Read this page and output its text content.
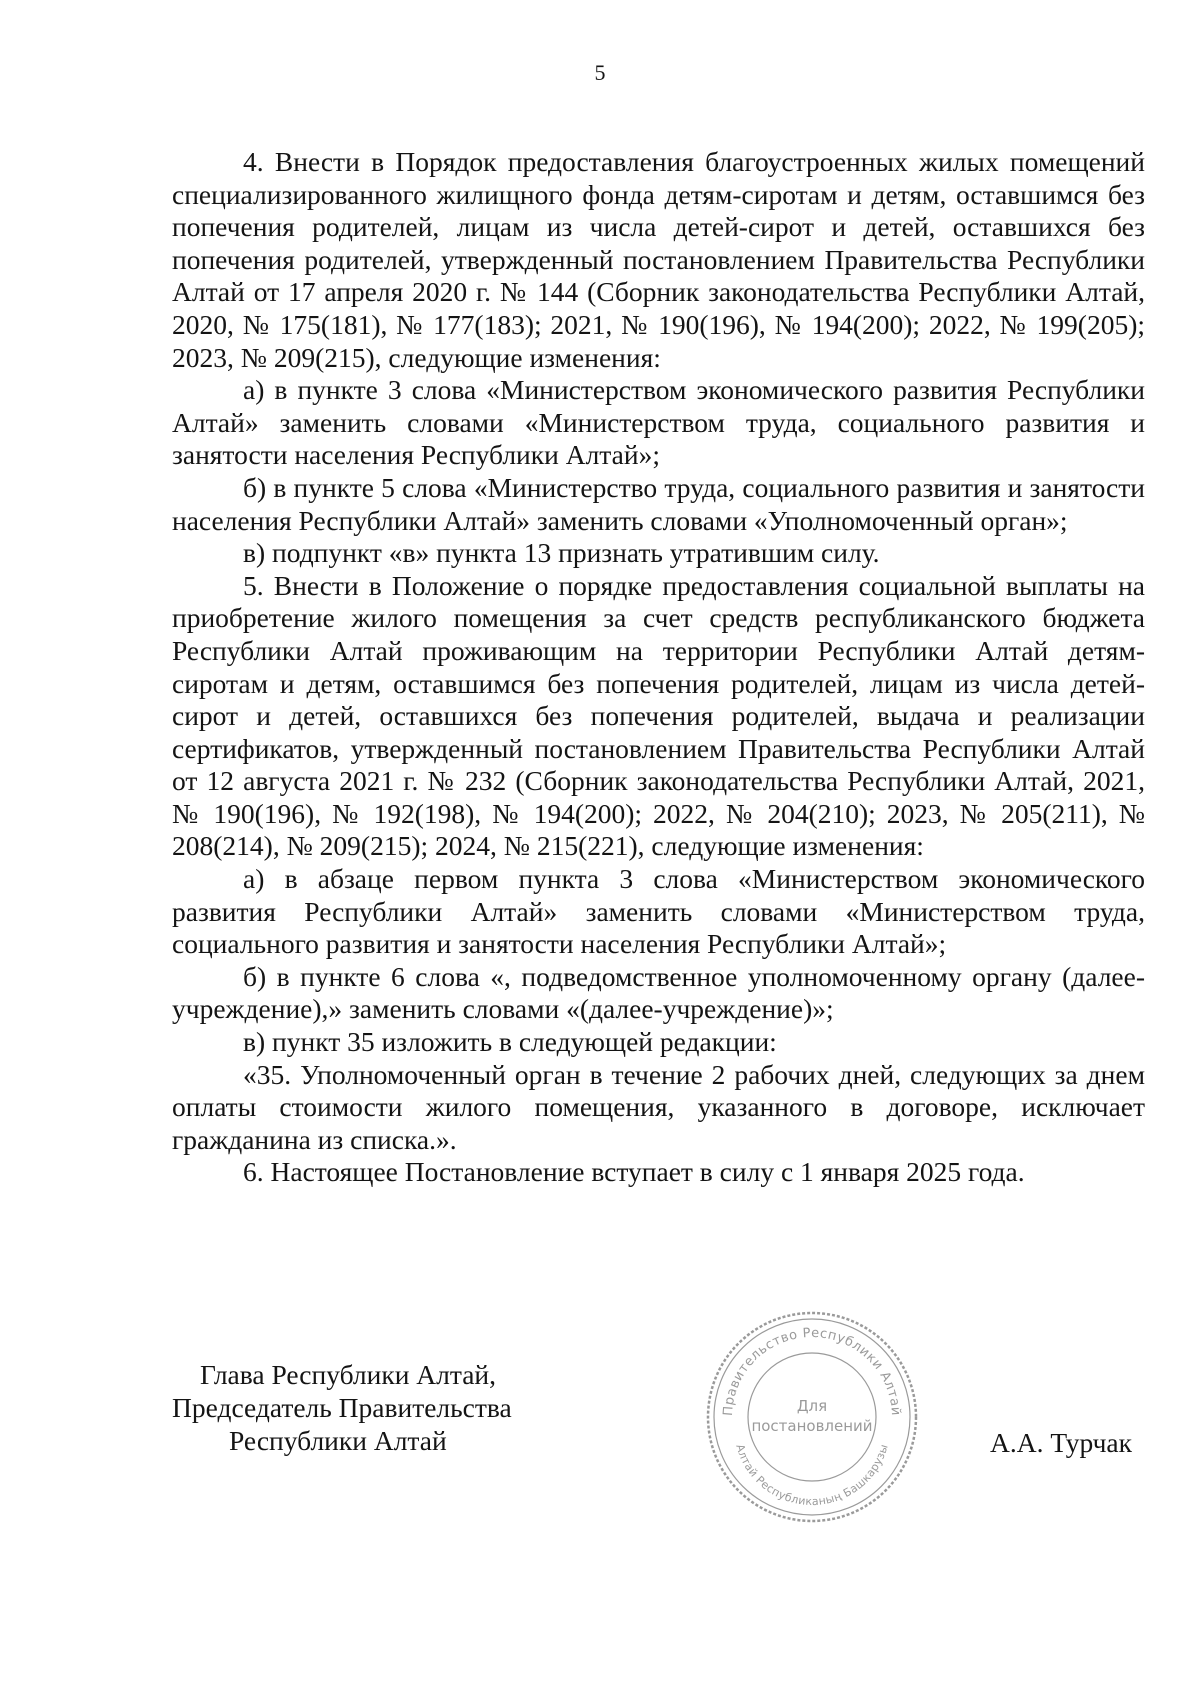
5

4. Внести в Порядок предоставления благоустроенных жилых помещений специализированного жилищного фонда детям-сиротам и детям, оставшимся без попечения родителей, лицам из числа детей-сирот и детей, оставшихся без попечения родителей, утвержденный постановлением Правительства Республики Алтай от 17 апреля 2020 г. № 144 (Сборник законодательства Республики Алтай, 2020, № 175(181), № 177(183); 2021, № 190(196), № 194(200); 2022, № 199(205); 2023, № 209(215), следующие изменения:

а) в пункте 3 слова «Министерством экономического развития Республики Алтай» заменить словами «Министерством труда, социального развития и занятости населения Республики Алтай»;

б) в пункте 5 слова «Министерство труда, социального развития и занятости населения Республики Алтай» заменить словами «Уполномоченный орган»;

в) подпункт «в» пункта 13 признать утратившим силу.

5. Внести в Положение о порядке предоставления социальной выплаты на приобретение жилого помещения за счет средств республиканского бюджета Республики Алтай проживающим на территории Республики Алтай детям-сиротам и детям, оставшимся без попечения родителей, лицам из числа детей-сирот и детей, оставшихся без попечения родителей, выдача и реализации сертификатов, утвержденный постановлением Правительства Республики Алтай от 12 августа 2021 г. № 232 (Сборник законодательства Республики Алтай, 2021, № 190(196), № 192(198), № 194(200); 2022, № 204(210); 2023, № 205(211), № 208(214), № 209(215); 2024, № 215(221), следующие изменения:

а) в абзаце первом пункта 3 слова «Министерством экономического развития Республики Алтай» заменить словами «Министерством труда, социального развития и занятости населения Республики Алтай»;

б) в пункте 6 слова «, подведомственное уполномоченному органу (далее-учреждение),» заменить словами «(далее-учреждение)»;

в) пункт 35 изложить в следующей редакции:

«35. Уполномоченный орган в течение 2 рабочих дней, следующих за днем оплаты стоимости жилого помещения, указанного в договоре, исключает гражданина из списка.».

6. Настоящее Постановление вступает в силу с 1 января 2025 года.

Глава Республики Алтай,
Председатель Правительства
Республики Алтай
Правительство Республики Алтай
Алтай Республиканың Башкарузы
Для
постановлений
А.А. Турчак
